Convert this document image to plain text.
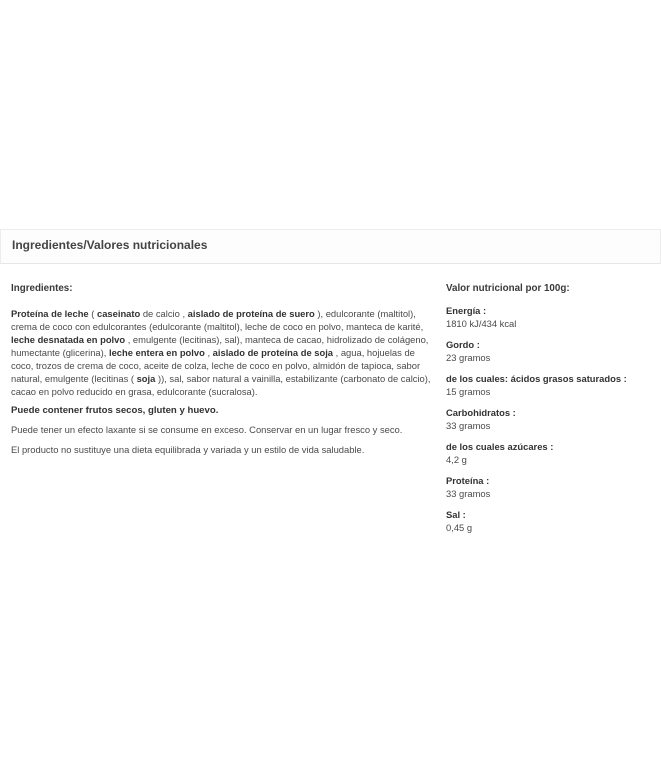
Ingredientes/Valores nutricionales
Ingredientes:

Proteína de leche ( caseinato de calcio , aislado de proteína de suero ), edulcorante (maltitol), crema de coco con edulcorantes (edulcorante (maltitol), leche de coco en polvo, manteca de karité, leche desnatada en polvo , emulgente (lecitinas), sal), manteca de cacao, hidrolizado de colágeno, humectante (glicerina), leche entera en polvo , aislado de proteína de soja , agua, hojuelas de coco, trozos de crema de coco, aceite de colza, leche de coco en polvo, almidón de tapioca, sabor natural, emulgente (lecitinas ( soja )), sal, sabor natural a vainilla, estabilizante (carbonato de calcio), cacao en polvo reducido en grasa, edulcorante (sucralosa).

Puede contener frutos secos, gluten y huevo.

Puede tener un efecto laxante si se consume en exceso. Conservar en un lugar fresco y seco.

El producto no sustituye una dieta equilibrada y variada y un estilo de vida saludable.

Valor nutricional por 100g:
Energía :
1810 kJ/434 kcal
Gordo :
23 gramos
de los cuales: ácidos grasos saturados :
15 gramos
Carbohidratos :
33 gramos
de los cuales azúcares :
4,2 g
Proteína :
33 gramos
Sal :
0,45 g
